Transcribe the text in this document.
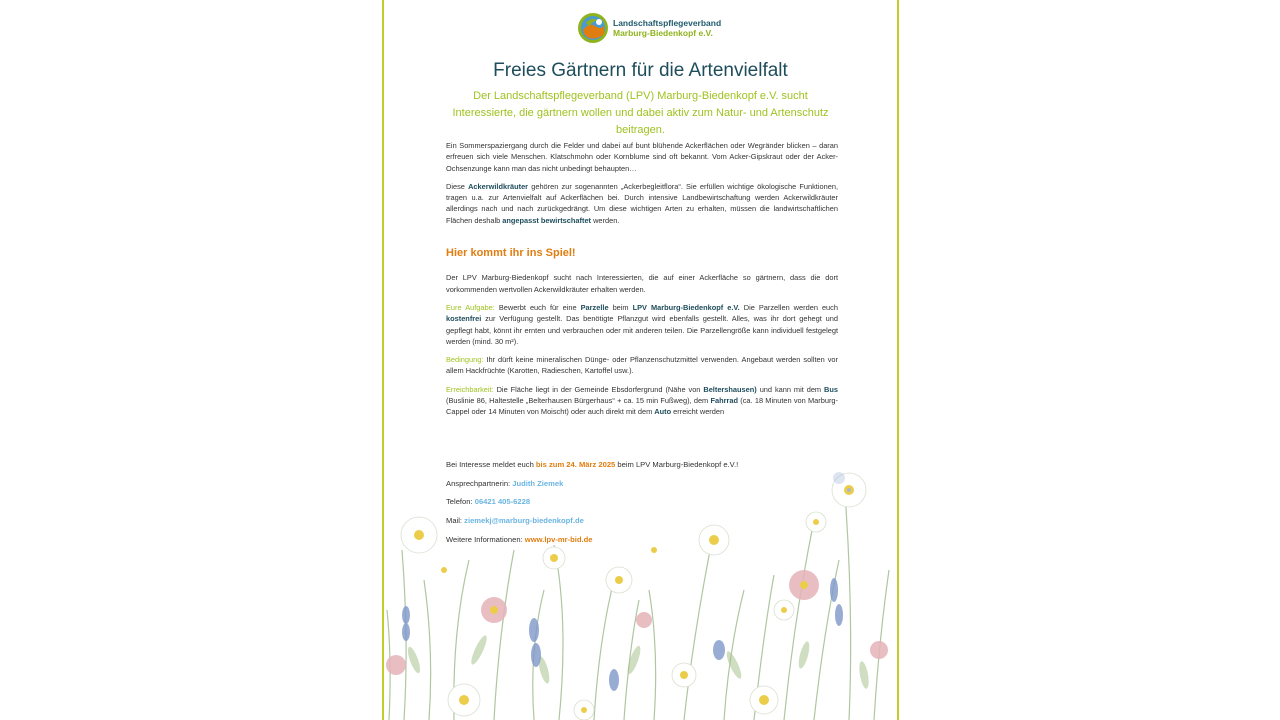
Landschaftspflegeverband
Marburg-Biedenkopf e.V.
Freies Gärtnern für die Artenvielfalt
Der Landschaftspflegeverband (LPV) Marburg-Biedenkopf e.V. sucht Interessierte, die gärtnern wollen und dabei aktiv zum Natur- und Artenschutz beitragen.

Ein Sommerspaziergang durch die Felder und dabei auf bunt blühende Ackerflächen oder Wegränder blicken – daran erfreuen sich viele Menschen. Klatschmohn oder Kornblume sind oft bekannt. Vom Acker-Gipskraut oder der Acker-Ochsenzunge kann man das nicht unbedingt behaupten…

Diese Ackerwildkräuter gehören zur sogenannten „Ackerbegleitflora“. Sie erfüllen wichtige ökologische Funktionen, tragen u.a. zur Artenvielfalt auf Ackerflächen bei. Durch intensive Landbewirtschaftung werden Ackerwildkräuter allerdings nach und nach zurückgedrängt. Um diese wichtigen Arten zu erhalten, müssen die landwirtschaftlichen Flächen deshalb angepasst bewirtschaftet werden.

Hier kommt ihr ins Spiel!

Der LPV Marburg-Biedenkopf sucht nach Interessierten, die auf einer Ackerfläche so gärtnern, dass die dort vorkommenden wertvollen Ackerwildkräuter erhalten werden.

Eure Aufgabe: Bewerbt euch für eine Parzelle beim LPV Marburg-Biedenkopf e.V. Die Parzellen werden euch kostenfrei zur Verfügung gestellt. Das benötigte Pflanzgut wird ebenfalls gestellt. Alles, was ihr dort gehegt und gepflegt habt, könnt ihr ernten und verbrauchen oder mit anderen teilen. Die Parzellengröße kann individuell festgelegt werden (mind. 30 m²).

Bedingung: Ihr dürft keine mineralischen Dünge- oder Pflanzenschutzmittel verwenden. Angebaut werden sollten vor allem Hackfrüchte (Karotten, Radieschen, Kartoffel usw.).

Erreichbarkeit: Die Fläche liegt in der Gemeinde Ebsdorfergrund (Nähe von Beltershausen) und kann mit dem Bus (Buslinie 86, Haltestelle „Belterhausen Bürgerhaus“ + ca. 15 min Fußweg), dem Fahrrad (ca. 18 Minuten von Marburg-Cappel oder 14 Minuten von Moischt) oder auch direkt mit dem Auto erreicht werden

Bei Interesse meldet euch bis zum 24. März 2025 beim LPV Marburg-Biedenkopf e.V.!
Ansprechpartnerin: Judith Ziemek
Telefon: 06421 405-6228
Mail: ziemekj@marburg-biedenkopf.de
Weitere Informationen: www.lpv-mr-bid.de
